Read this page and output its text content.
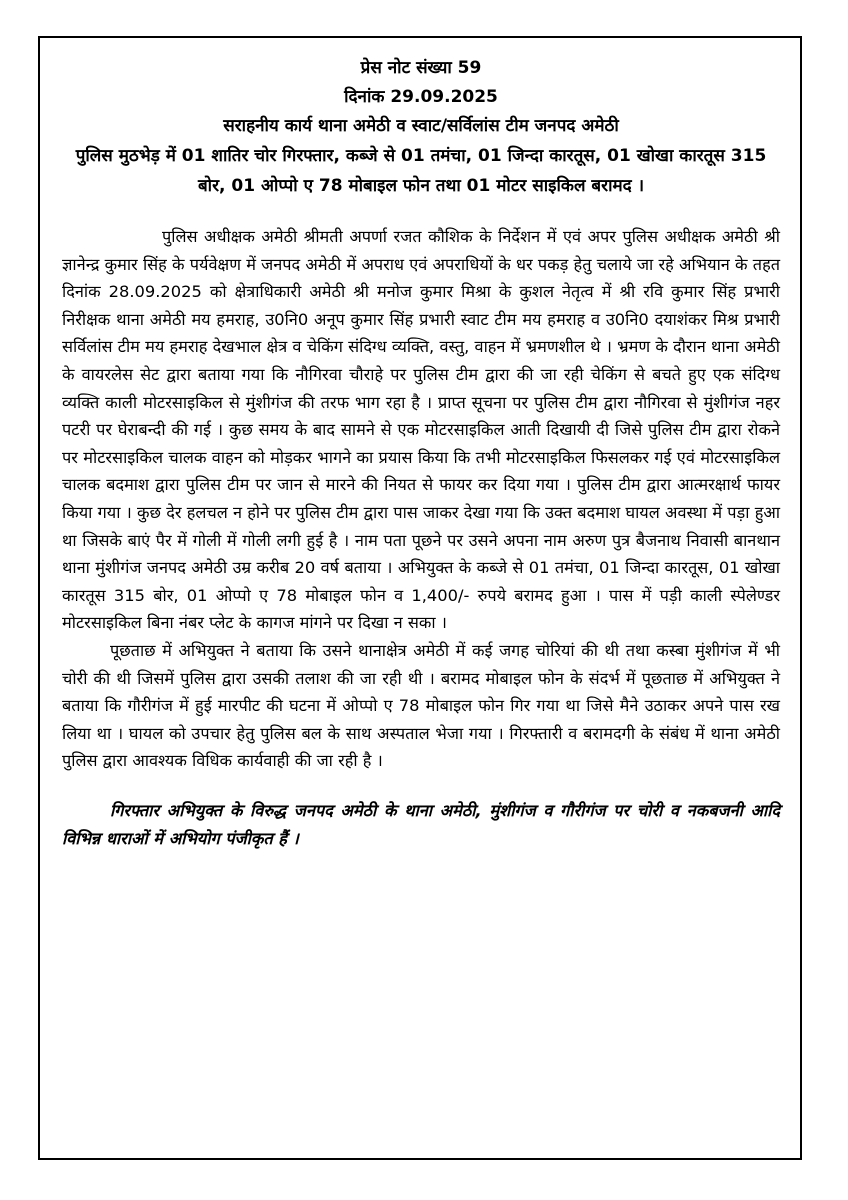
प्रेस नोट संख्या 59
दिनांक 29.09.2025
सराहनीय कार्य थाना अमेठी व स्वाट/सर्विलांस टीम जनपद अमेठी
पुलिस मुठभेड़ में 01 शातिर चोर गिरफ्तार, कब्जे से 01 तमंचा, 01 जिन्दा कारतूस, 01 खोखा कारतूस 315 बोर, 01 ओप्पो ए 78 मोबाइल फोन तथा 01 मोटर साइकिल बरामद ।

पुलिस अधीक्षक अमेठी श्रीमती अपर्णा रजत कौशिक के निर्देशन में एवं अपर पुलिस अधीक्षक अमेठी श्री ज्ञानेन्द्र कुमार सिंह के पर्यवेक्षण में जनपद अमेठी में अपराध एवं अपराधियों के धर पकड़ हेतु चलाये जा रहे अभियान के तहत दिनांक 28.09.2025 को क्षेत्राधिकारी अमेठी श्री मनोज कुमार मिश्रा के कुशल नेतृत्व में श्री रवि कुमार सिंह प्रभारी निरीक्षक थाना अमेठी मय हमराह, उ0नि0 अनूप कुमार सिंह प्रभारी स्वाट टीम मय हमराह व उ0नि0 दयाशंकर मिश्र प्रभारी सर्विलांस टीम मय हमराह देखभाल क्षेत्र व चेकिंग संदिग्ध व्यक्ति, वस्तु, वाहन में भ्रमणशील थे । भ्रमण के दौरान थाना अमेठी के वायरलेस सेट द्वारा बताया गया कि नौगिरवा चौराहे पर पुलिस टीम द्वारा की जा रही चेकिंग से बचते हुए एक संदिग्ध व्यक्ति काली मोटरसाइकिल से मुंशीगंज की तरफ भाग रहा है । प्राप्त सूचना पर पुलिस टीम द्वारा नौगिरवा से मुंशीगंज नहर पटरी पर घेराबन्दी की गई । कुछ समय के बाद सामने से एक मोटरसाइकिल आती दिखायी दी जिसे पुलिस टीम द्वारा रोकने पर मोटरसाइकिल चालक वाहन को मोड़कर भागने का प्रयास किया कि तभी मोटरसाइकिल फिसलकर गई एवं मोटरसाइकिल चालक बदमाश द्वारा पुलिस टीम पर जान से मारने की नियत से फायर कर दिया गया । पुलिस टीम द्वारा आत्मरक्षार्थ फायर किया गया । कुछ देर हलचल न होने पर पुलिस टीम द्वारा पास जाकर देखा गया कि उक्त बदमाश घायल अवस्था में पड़ा हुआ था जिसके बाएं पैर में गोली में गोली लगी हुई है । नाम पता पूछने पर उसने अपना नाम अरुण पुत्र बैजनाथ निवासी बानथान थाना मुंशीगंज जनपद अमेठी उम्र करीब 20 वर्ष बताया । अभियुक्त के कब्जे से 01 तमंचा, 01 जिन्दा कारतूस, 01 खोखा कारतूस 315 बोर, 01 ओप्पो ए 78 मोबाइल फोन व 1,400/- रुपये बरामद हुआ । पास में पड़ी काली स्पेलेण्डर मोटरसाइकिल बिना नंबर प्लेट के कागज मांगने पर दिखा न सका ।

पूछताछ में अभियुक्त ने बताया कि उसने थानाक्षेत्र अमेठी में कई जगह चोरियां की थी तथा कस्बा मुंशीगंज में भी चोरी की थी जिसमें पुलिस द्वारा उसकी तलाश की जा रही थी । बरामद मोबाइल फोन के संदर्भ में पूछताछ में अभियुक्त ने बताया कि गौरीगंज में हुई मारपीट की घटना में ओप्पो ए 78 मोबाइल फोन गिर गया था जिसे मैने उठाकर अपने पास रख लिया था । घायल को उपचार हेतु पुलिस बल के साथ अस्पताल भेजा गया । गिरफ्तारी व बरामदगी के संबंध में थाना अमेठी पुलिस द्वारा आवश्यक विधिक कार्यवाही की जा रही है ।

गिरफ्तार अभियुक्त के विरुद्ध जनपद अमेठी के थाना अमेठी, मुंशीगंज व गौरीगंज पर चोरी व नकबजनी आदि विभिन्न धाराओं में अभियोग पंजीकृत हैं ।
